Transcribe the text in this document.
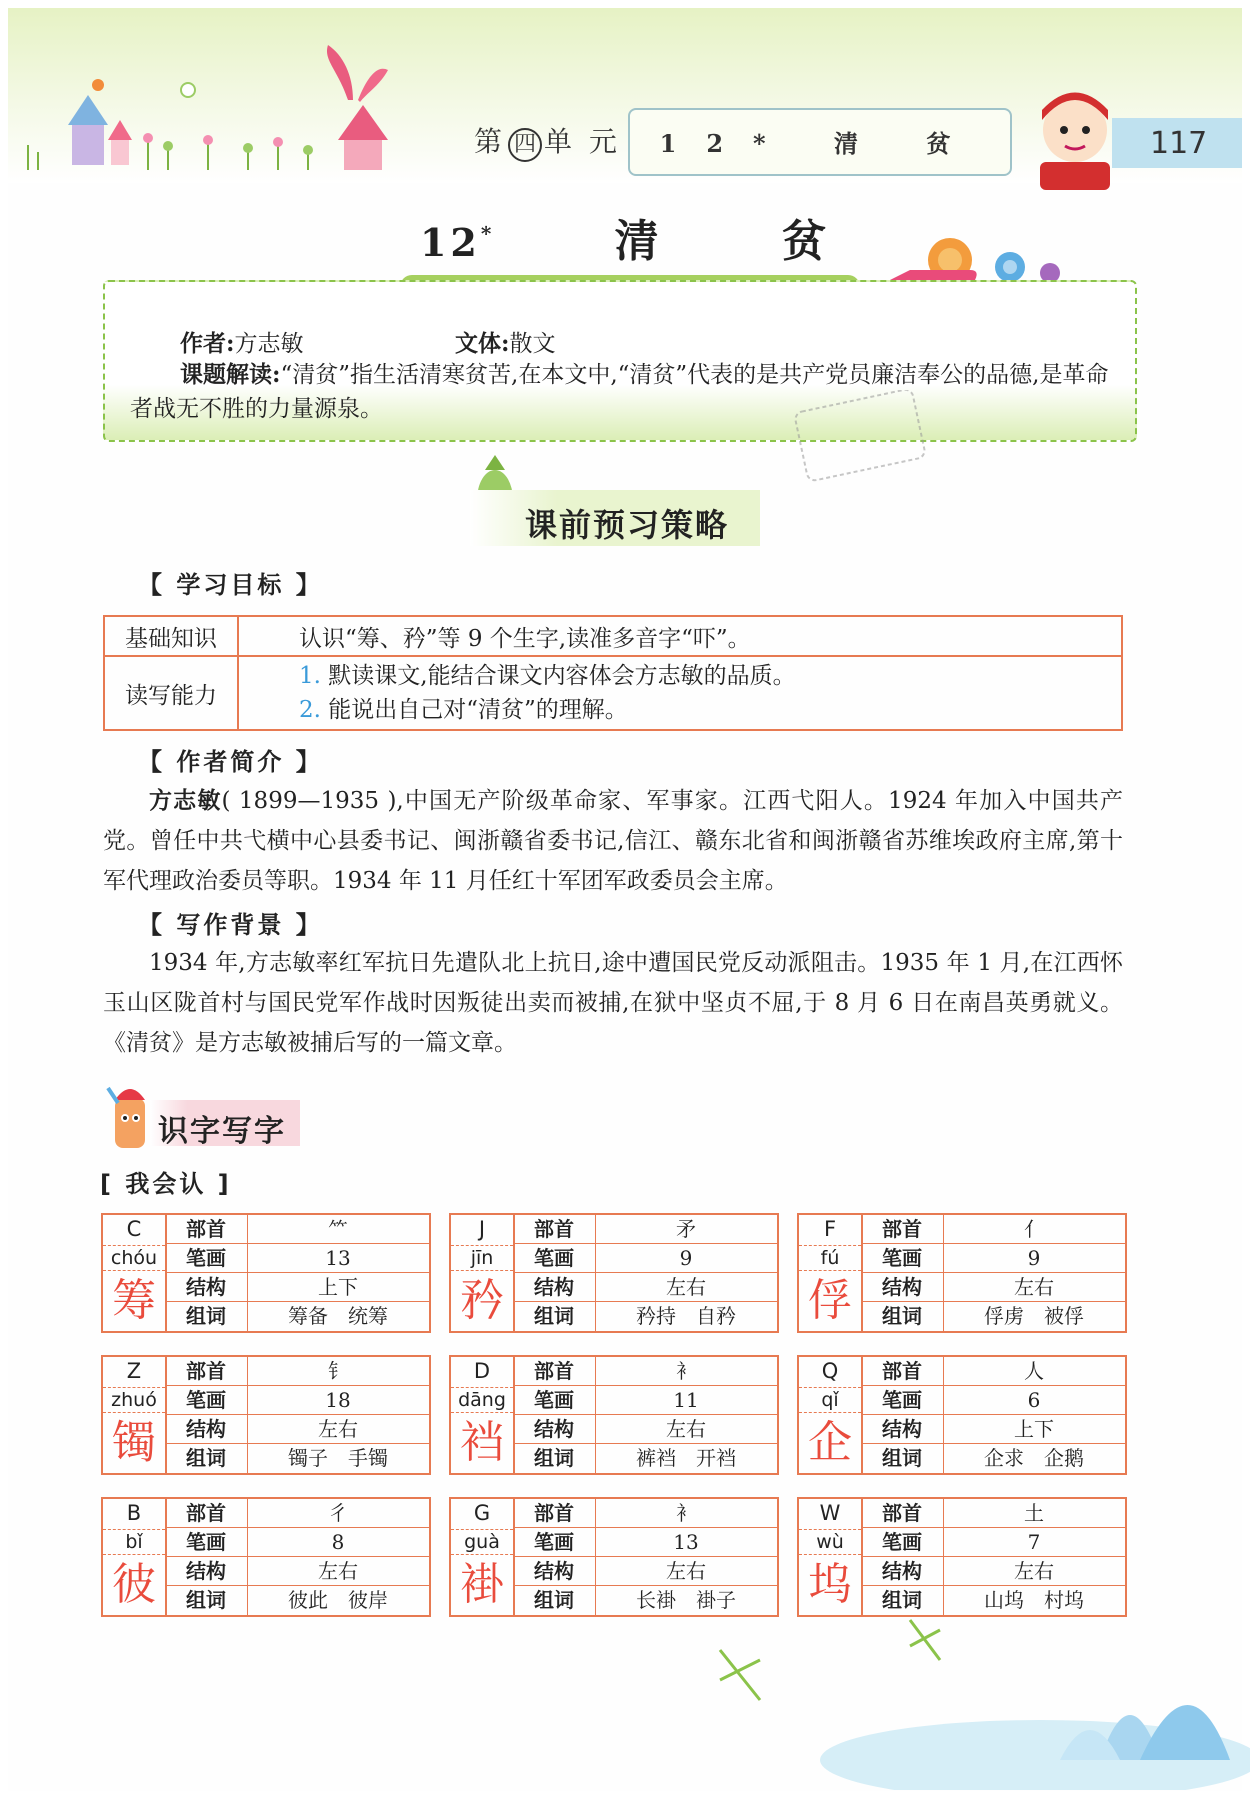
第 四 单 元	12* 清 贫	117
12*	清	贫
作者:方志敏	文体:散文
课题解读:“清贫”指生活清寒贫苦,在本文中,“清贫”代表的是共产党员廉洁奉公的品德,是革命者战无不胜的力量源泉。
课前预习策略
【 学习目标 】
基础知识	认识“筹、矜”等 9 个生字,读准多音字“吓”。
读写能力	1. 默读课文,能结合课文内容体会方志敏的品质。
2. 能说出自己对“清贫”的理解。
【 作者简介 】
方志敏( 1899—1935 ),中国无产阶级革命家、军事家。江西弋阳人。1924 年加入中国共产党。曾任中共弋横中心县委书记、闽浙赣省委书记,信江、赣东北省和闽浙赣省苏维埃政府主席,第十军代理政治委员等职。1934 年 11 月任红十军团军政委员会主席。
【 写作背景 】
1934 年,方志敏率红军抗日先遣队北上抗日,途中遭国民党反动派阻击。1935 年 1 月,在江西怀玉山区陇首村与国民党军作战时因叛徒出卖而被捕,在狱中坚贞不屈,于 8 月 6 日在南昌英勇就义。《清贫》是方志敏被捕后写的一篇文章。

识字写字
[ 我会认 ]
C
chóu
筹
部首	⺮
笔画	13
结构	上下
组词	筹备　统筹
J
jīn
矜
部首	矛
笔画	9
结构	左右
组词	矜持　自矜
F
fú
俘
部首	亻
笔画	9
结构	左右
组词	俘虏　被俘
Z
zhuó
镯
部首	钅
笔画	18
结构	左右
组词	镯子　手镯
D
dāng
裆
部首	衤
笔画	11
结构	左右
组词	裤裆　开裆
Q
qǐ
企
部首	人
笔画	6
结构	上下
组词	企求　企鹅
B
bǐ
彼
部首	彳
笔画	8
结构	左右
组词	彼此　彼岸
G
guà
褂
部首	衤
笔画	13
结构	左右
组词	长褂　褂子
W
wù
坞
部首	土
笔画	7
结构	左右
组词	山坞　村坞
